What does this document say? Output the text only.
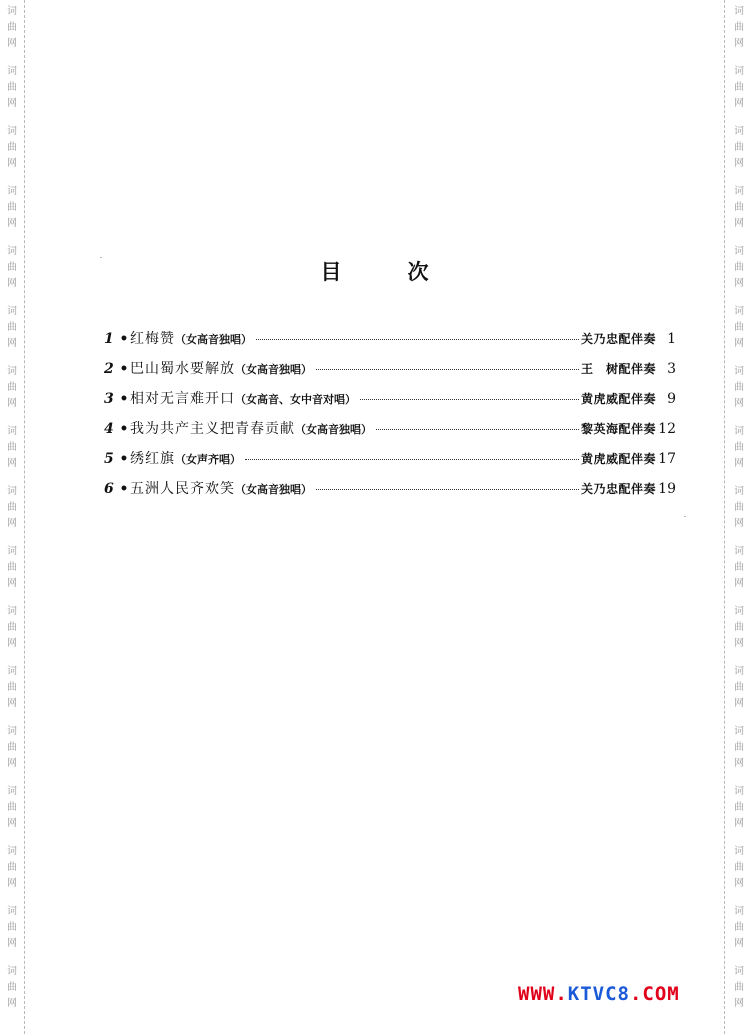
词
曲
网
词
曲
网
词
曲
网
词
曲
网
词
曲
网
词
曲
网
词
曲
网
词
曲
网
词
曲
网
词
曲
网
词
曲
网
词
曲
网
词
曲
网
词
曲
网
词
曲
网
词
曲
网
词
曲
网
词
曲
网
词
曲
网
词
曲
网
词
曲
网
词
曲
网
词
曲
网
词
曲
网
词
曲
网
词
曲
网
词
曲
网
词
曲
网
词
曲
网
词
曲
网
词
曲
网
词
曲
网
词
曲
网
词
曲
网
目	次
1 • 红梅赞 （女高音独唱）	关乃忠配伴奏 1
2 • 巴山蜀水要解放 （女高音独唱）	王　树配伴奏 3
3 • 相对无言难开口 （女高音、女中音对唱）	黄虎威配伴奏 9
4 • 我为共产主义把青春贡献 （女高音独唱）	黎英海配伴奏 12
5 • 绣红旗 （女声齐唱）	黄虎威配伴奏 17
6 • 五洲人民齐欢笑 （女高音独唱）	关乃忠配伴奏 19
WWW.KTVC8.COM
